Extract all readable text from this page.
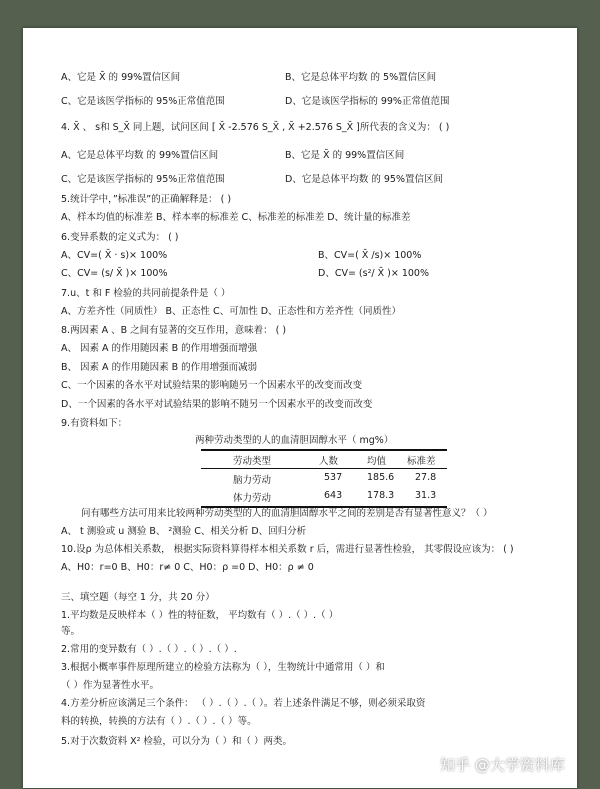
A、它是 X̄ 的 99%置信区间	B、它是总体平均数 的 5%置信区间
C、它是该医学指标的 95%正常值范围	D、它是该医学指标的 99%正常值范围
4. X̄ 、 s和 S_X̄ 同上题，试问区间 [ X̄ -2.576 S_X̄ , X̄ +2.576 S_X̄ ]所代表的含义为： ( )
A、它是总体平均数 的 99%置信区间	B、它是 X̄ 的 99%置信区间
C、它是该医学指标的 95%正常值范围	D、它是总体平均数 的 95%置信区间
5.统计学中，”标准误”的正确解释是： ( )
A、样本均值的标准差 B、样本率的标准差 C、标准差的标准差 D、统计量的标准差
6.变异系数的定义式为： ( )
A、CV=( X̄ · s)× 100%	B、CV=( X̄ /s)× 100%
C、CV= (s/ X̄ )× 100%	D、CV= (s²/ X̄ )× 100%
7.u、t 和 F 检验的共同前提条件是（ ）
A、方差齐性（同质性） B、正态性 C、可加性 D、正态性和方差齐性（同质性）
8.两因素 A 、B 之间有显著的交互作用，意味着： ( )
A、 因素 A 的作用随因素 B 的作用增强而增强
B、 因素 A 的作用随因素 B 的作用增强而减弱
C、一个因素的各水平对试验结果的影响随另一个因素水平的改变而改变
D、一个因素的各水平对试验结果的影响不随另一个因素水平的改变而改变
9.有资料如下：
两种劳动类型的人的血清胆固醇水平（ mg%）
劳动类型	人数	均值 标准差
脑力劳动	537	185.6 27.8
体力劳动	643	178.3 31.3
问有哪些方法可用来比较两种劳动类型的人的血清胆固醇水平之间的差别是否有显著性意义？（ ）
A、 t 测验或 u 测验 B、 ²测验 C、相关分析 D、回归分析
10.设ρ 为总体相关系数， 根据实际资料算得样本相关系数 r 后，需进行显著性检验， 其零假设应该为： ( )
A、H0：r=0 B、H0：r≠ 0 C、H0：ρ =0 D、H0：ρ ≠ 0
三、填空题（每空 1 分，共 20 分）
1.平均数是反映样本（ ）性的特征数， 平均数有（ ）.（ ）.（ ）
等。
2.常用的变异数有（ ）.（ ）.（ ）.（ ）.
3.根据小概率事件原理所建立的检验方法称为（ ），生物统计中通常用（ ）和
（ ）作为显著性水平。
4.方差分析应该满足三个条件： （ ）.（ ）.（ ）。若上述条件满足不够，则必须采取资
料的转换，转换的方法有（ ）.（ ）.（ ）等。
5.对于次数资料 X² 检验，可以分为（ ）和（ ）两类。
知乎 @大学资料库
